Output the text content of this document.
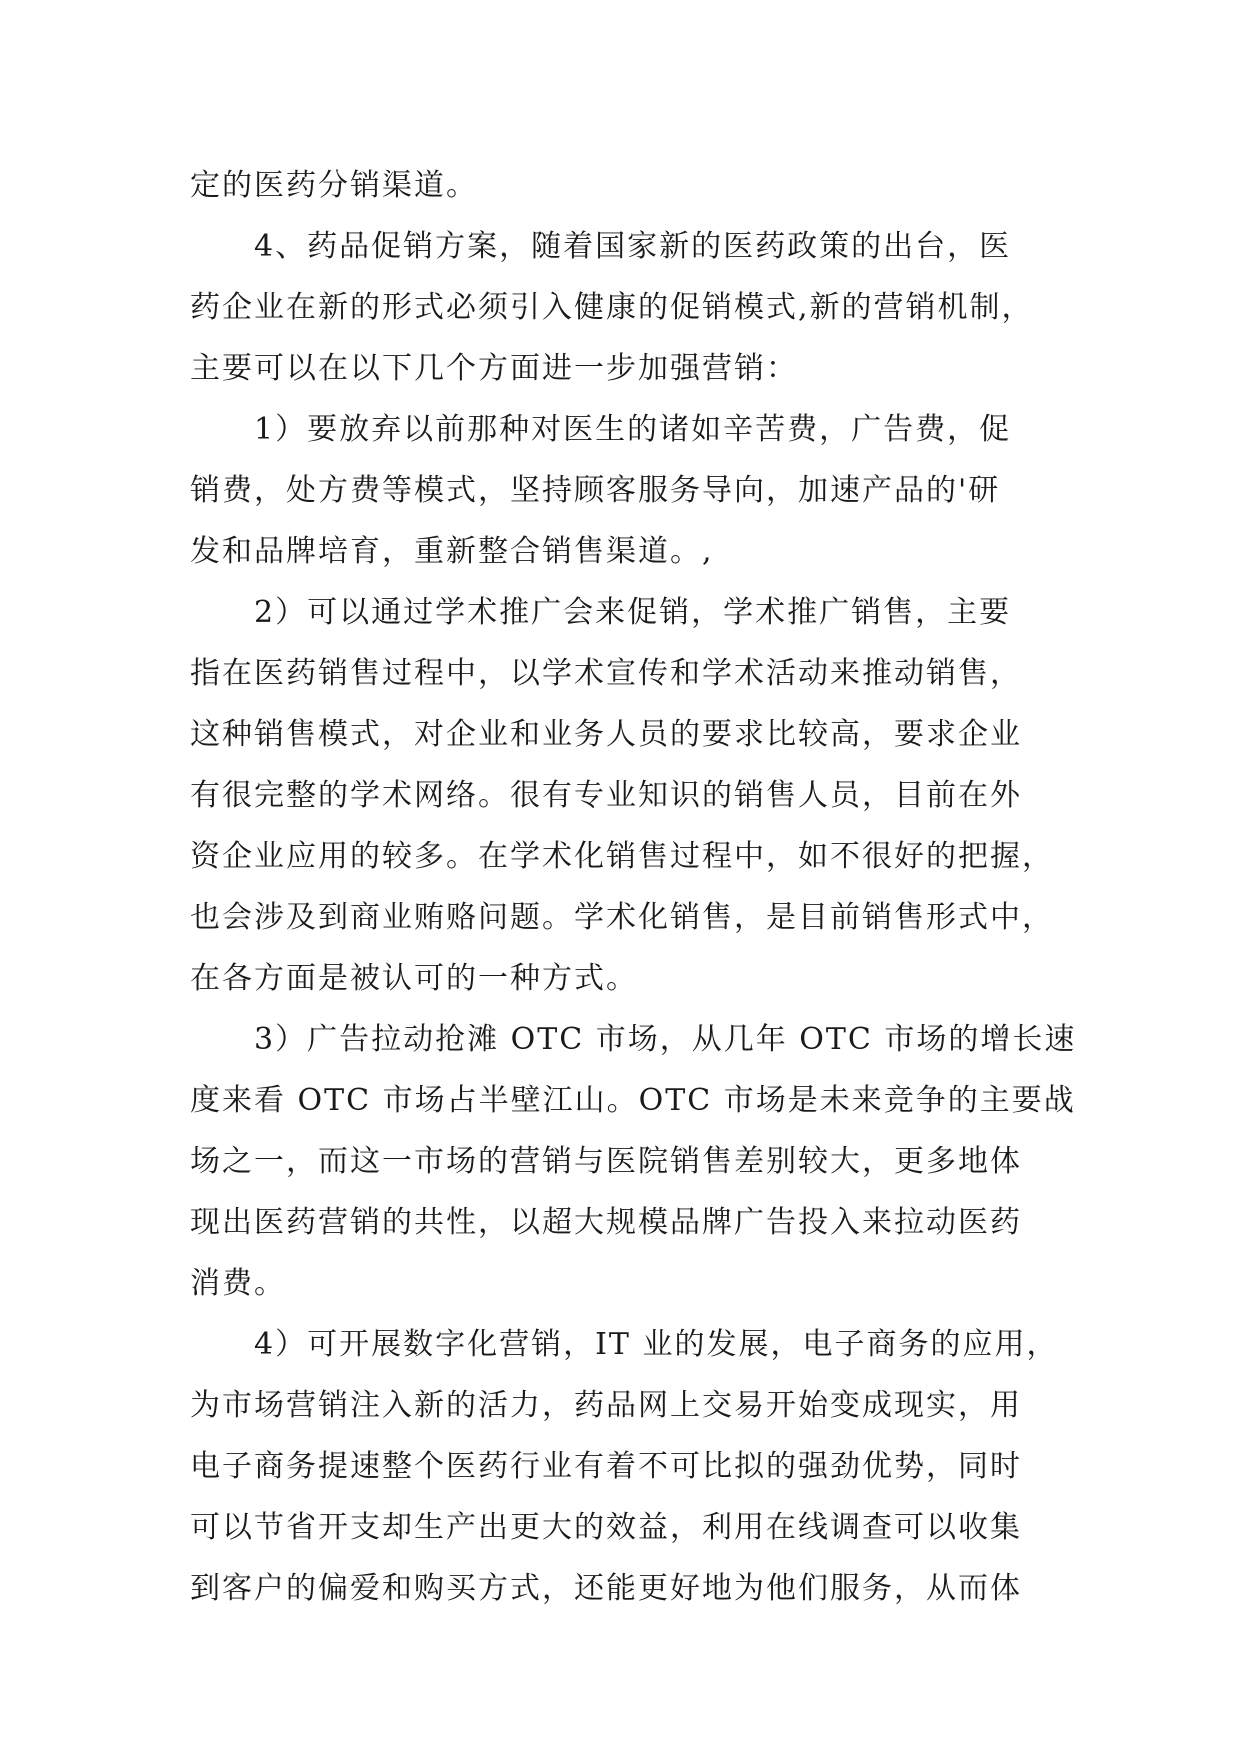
定的医药分销渠道。
4、药品促销方案，随着国家新的医药政策的出台，医
药企业在新的形式必须引入健康的促销模式,新的营销机制，
主要可以在以下几个方面进一步加强营销：
1）要放弃以前那种对医生的诸如辛苦费，广告费，促
销费，处方费等模式，坚持顾客服务导向，加速产品的'研
发和品牌培育，重新整合销售渠道。,
2）可以通过学术推广会来促销，学术推广销售，主要
指在医药销售过程中，以学术宣传和学术活动来推动销售，
这种销售模式，对企业和业务人员的要求比较高，要求企业
有很完整的学术网络。很有专业知识的销售人员，目前在外
资企业应用的较多。在学术化销售过程中，如不很好的把握，
也会涉及到商业贿赂问题。学术化销售，是目前销售形式中，
在各方面是被认可的一种方式。
3）广告拉动抢滩 OTC 市场，从几年 OTC 市场的增长速
度来看 OTC 市场占半壁江山。OTC 市场是未来竞争的主要战
场之一，而这一市场的营销与医院销售差别较大，更多地体
现出医药营销的共性，以超大规模品牌广告投入来拉动医药
消费。
4）可开展数字化营销，IT 业的发展，电子商务的应用，
为市场营销注入新的活力，药品网上交易开始变成现实，用
电子商务提速整个医药行业有着不可比拟的强劲优势，同时
可以节省开支却生产出更大的效益，利用在线调查可以收集
到客户的偏爱和购买方式，还能更好地为他们服务，从而体
